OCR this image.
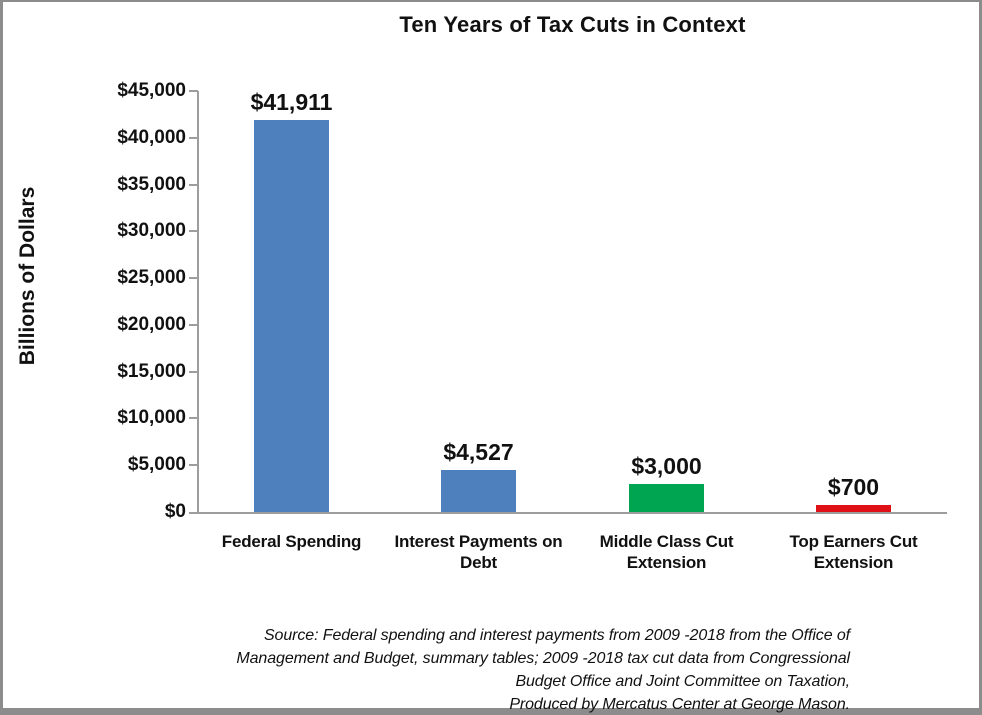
Ten Years of Tax Cuts in Context
Billions of Dollars
$0
$5,000
$10,000
$15,000
$20,000
$25,000
$30,000
$35,000
$40,000
$45,000	$41,911
Federal Spending
$4,527
Interest Payments on Debt
$3,000
Middle Class Cut Extension
$700
Top Earners Cut Extension
Source: Federal spending and interest payments from 2009 -2018 from the Office of
Management and Budget, summary tables; 2009 -2018 tax cut data from Congressional
Budget Office and Joint Committee on Taxation,
Produced by Mercatus Center at George Mason.
